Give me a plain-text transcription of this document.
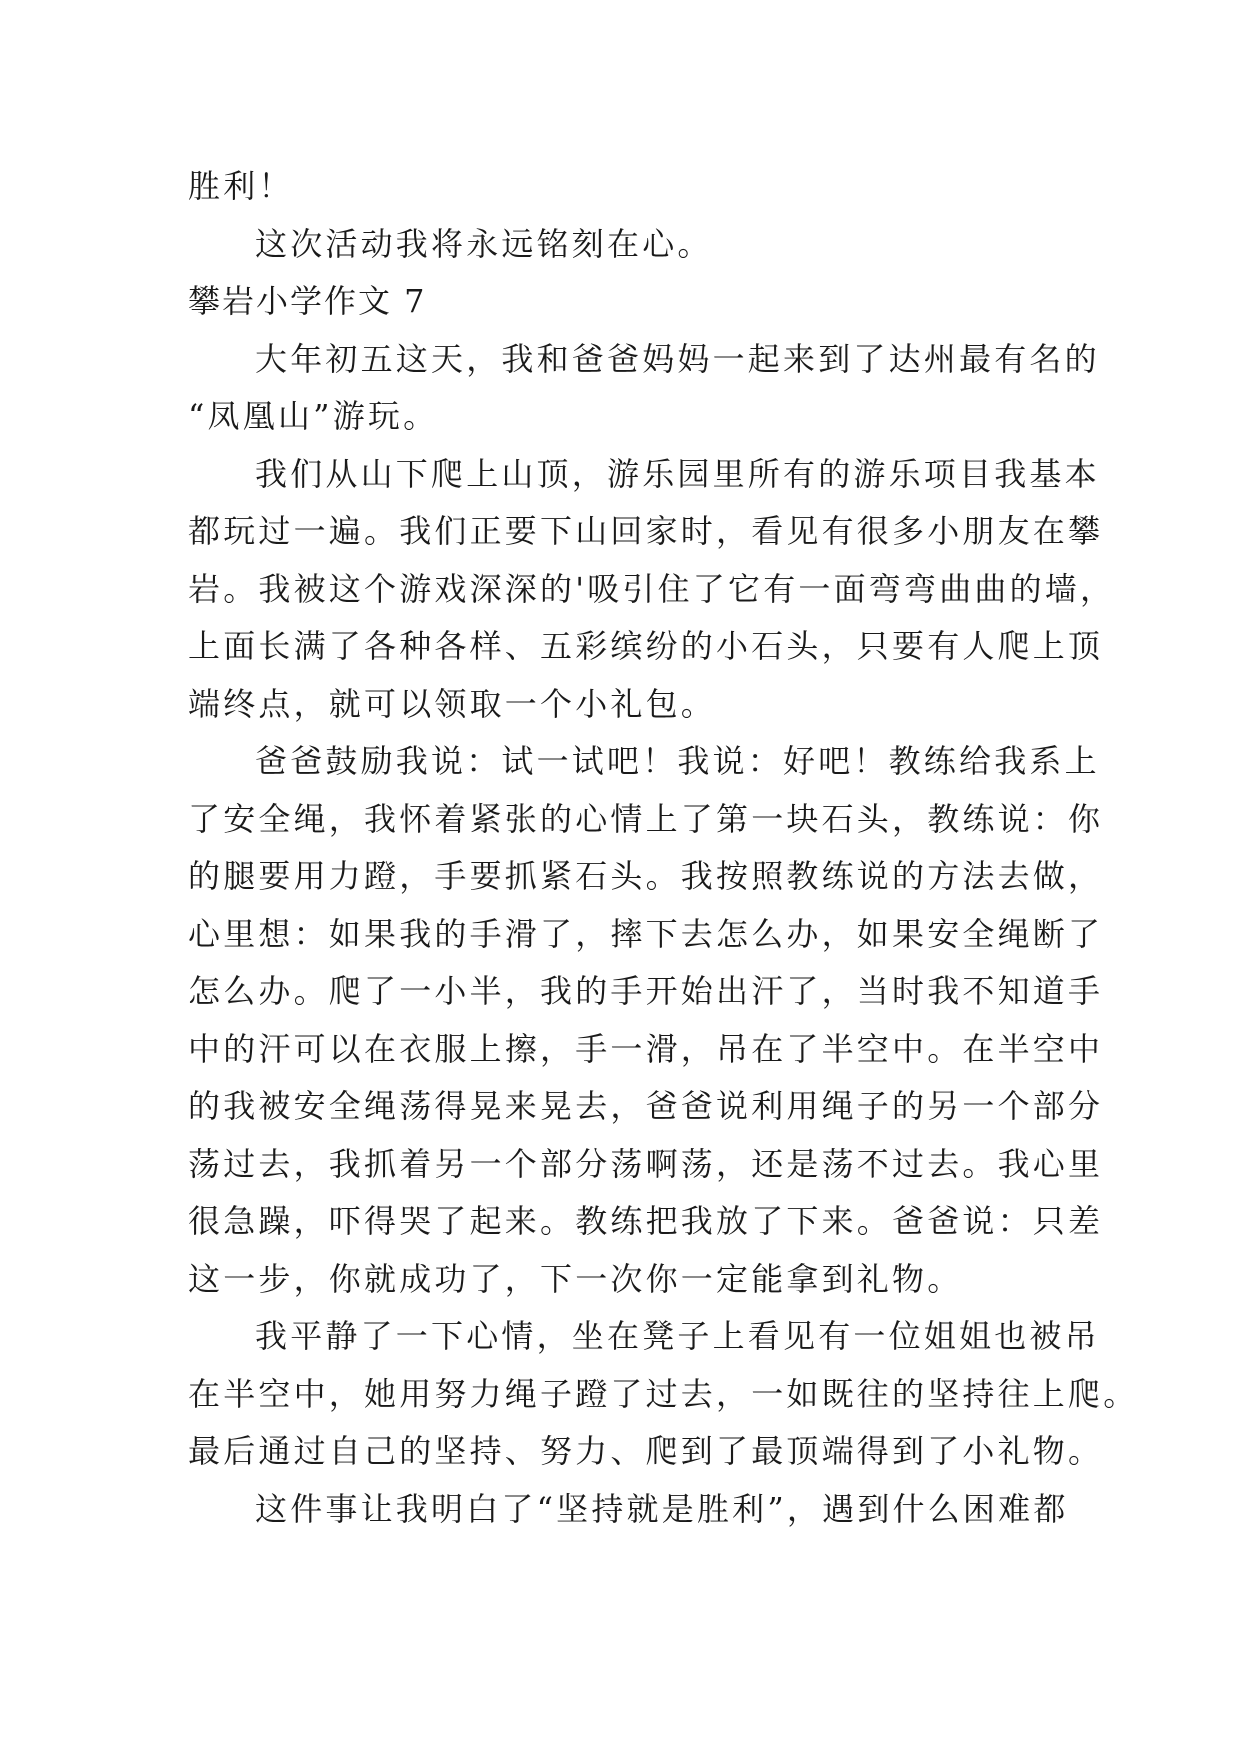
胜利！
这次活动我将永远铭刻在心。
攀岩小学作文 7
大年初五这天，我和爸爸妈妈一起来到了达州最有名的
“凤凰山”游玩。
我们从山下爬上山顶，游乐园里所有的游乐项目我基本
都玩过一遍。我们正要下山回家时，看见有很多小朋友在攀
岩。我被这个游戏深深的'吸引住了它有一面弯弯曲曲的墙，
上面长满了各种各样、五彩缤纷的小石头，只要有人爬上顶
端终点，就可以领取一个小礼包。
爸爸鼓励我说：试一试吧！我说：好吧！教练给我系上
了安全绳，我怀着紧张的心情上了第一块石头，教练说：你
的腿要用力蹬，手要抓紧石头。我按照教练说的方法去做，
心里想：如果我的手滑了，摔下去怎么办，如果安全绳断了
怎么办。爬了一小半，我的手开始出汗了，当时我不知道手
中的汗可以在衣服上擦，手一滑，吊在了半空中。在半空中
的我被安全绳荡得晃来晃去，爸爸说利用绳子的另一个部分
荡过去，我抓着另一个部分荡啊荡，还是荡不过去。我心里
很急躁，吓得哭了起来。教练把我放了下来。爸爸说：只差
这一步，你就成功了，下一次你一定能拿到礼物。
我平静了一下心情，坐在凳子上看见有一位姐姐也被吊
在半空中，她用努力绳子蹬了过去，一如既往的坚持往上爬。
最后通过自己的坚持、努力、爬到了最顶端得到了小礼物。
这件事让我明白了“坚持就是胜利”，遇到什么困难都
